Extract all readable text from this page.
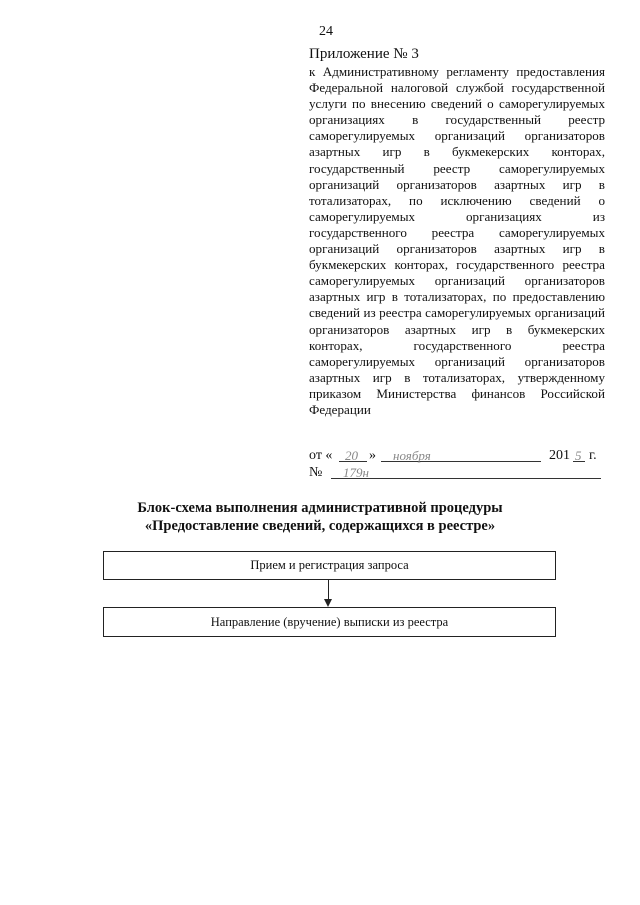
24
Приложение № 3
к Административному регламенту предоставления Федеральной налоговой службой государственной услуги по внесению сведений о саморегулируемых организациях в государственный реестр саморегулируемых организаций организаторов азартных игр в букмекерских конторах, государственный реестр саморегулируемых организаций организаторов азартных игр в тотализаторах, по исключению сведений о саморегулируемых организациях из государственного реестра саморегулируемых организаций организаторов азартных игр в букмекерских конторах, государственного реестра саморегулируемых организаций организаторов азартных игр в тотализаторах, по предоставлению сведений из реестра саморегулируемых организаций организаторов азартных игр в букмекерских конторах, государственного реестра саморегулируемых организаций организаторов азартных игр в тотализаторах, утвержденному приказом Министерства финансов Российской Федерации
от « 20 » ноября	201 5 г.
№ 179н
Блок-схема выполнения административной процедуры
«Предоставление сведений, содержащихся в реестре»
Прием и регистрация запроса
Направление (вручение) выписки из реестра
